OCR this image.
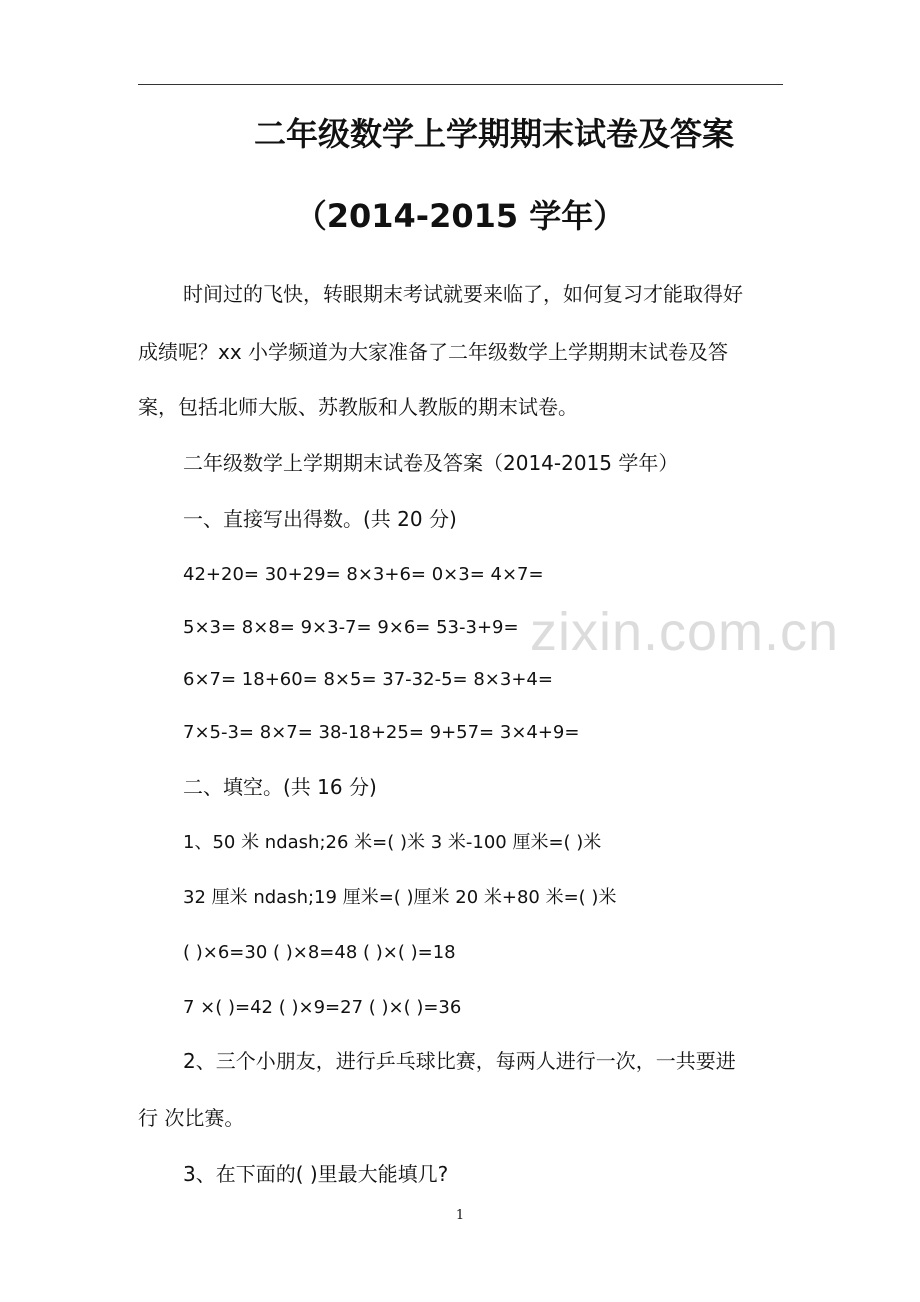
zixin.com.cn
二年级数学上学期期末试卷及答案
（2014-2015 学年）
时间过的飞快，转眼期末考试就要来临了，如何复习才能取得好
成绩呢？xx 小学频道为大家准备了二年级数学上学期期末试卷及答
案，包括北师大版、苏教版和人教版的期末试卷。
二年级数学上学期期末试卷及答案（2014-2015 学年）
一、直接写出得数。(共 20 分)
42+20= 30+29= 8×3+6= 0×3= 4×7=
5×3= 8×8= 9×3-7= 9×6= 53-3+9=
6×7= 18+60= 8×5= 37-32-5= 8×3+4=
7×5-3= 8×7= 38-18+25= 9+57= 3×4+9=
二、填空。(共 16 分)
1、50 米 ndash;26 米=( )米 3 米-100 厘米=( )米
32 厘米 ndash;19 厘米=( )厘米 20 米+80 米=( )米
( )×6=30 ( )×8=48 ( )×( )=18
7 ×( )=42 ( )×9=27 ( )×( )=36
2、三个小朋友，进行乒乓球比赛，每两人进行一次，一共要进
行 次比赛。
3、在下面的( )里最大能填几?
1
